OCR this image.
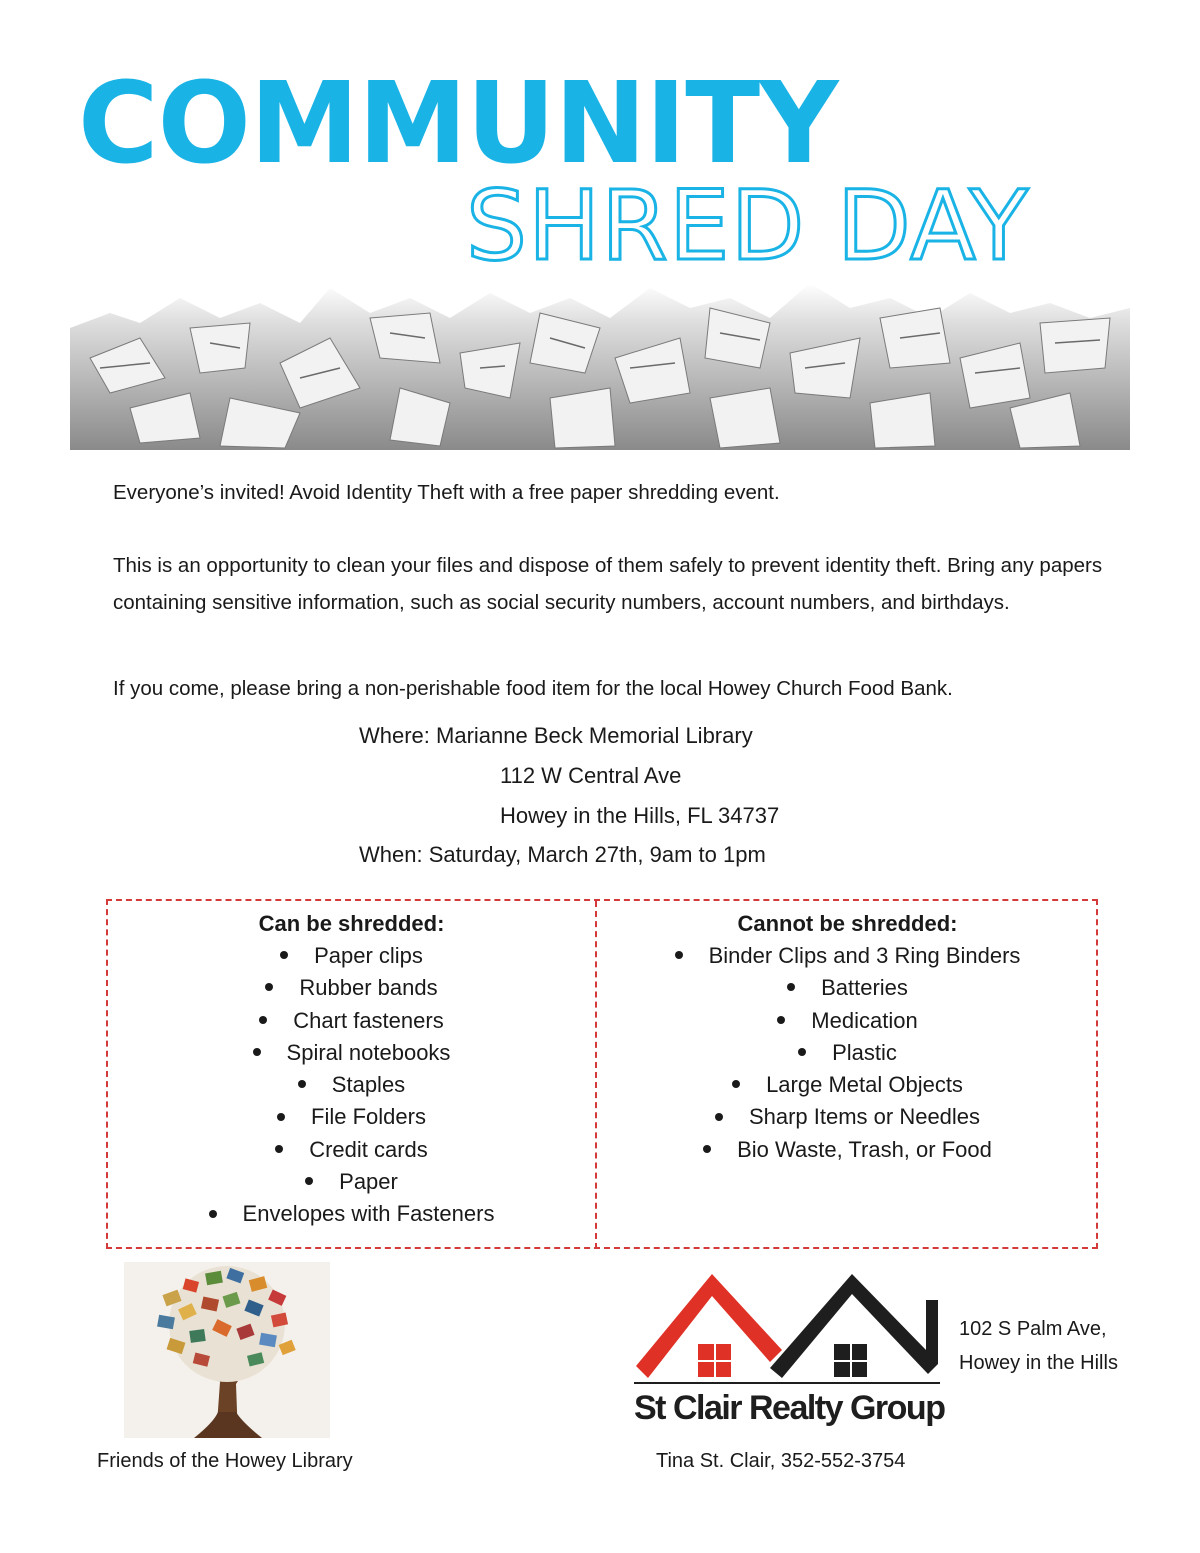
COMMUNITY
SHRED DAY

Everyone’s invited! Avoid Identity Theft with a free paper shredding event.

This is an opportunity to clean your files and dispose of them safely to prevent identity theft. Bring any papers containing sensitive information, such as social security numbers, account numbers, and birthdays.

If you come, please bring a non-perishable food item for the local Howey Church Food Bank.

Where: Marianne Beck Memorial Library

112 W Central Ave

Howey in the Hills, FL 34737

When: Saturday, March 27th, 9am to 1pm

Can be shredded:
Paper clips
Rubber bands
Chart fasteners
Spiral notebooks
Staples
File Folders
Credit cards
Paper
Envelopes with Fasteners
Cannot be shredded:
Binder Clips and 3 Ring Binders
Batteries
Medication
Plastic
Large Metal Objects
Sharp Items or Needles
Bio Waste, Trash, or Food

Friends of the Howey Library

St Clair Realty Group

102 S Palm Ave, Howey in the Hills

Tina St. Clair, 352-552-3754
